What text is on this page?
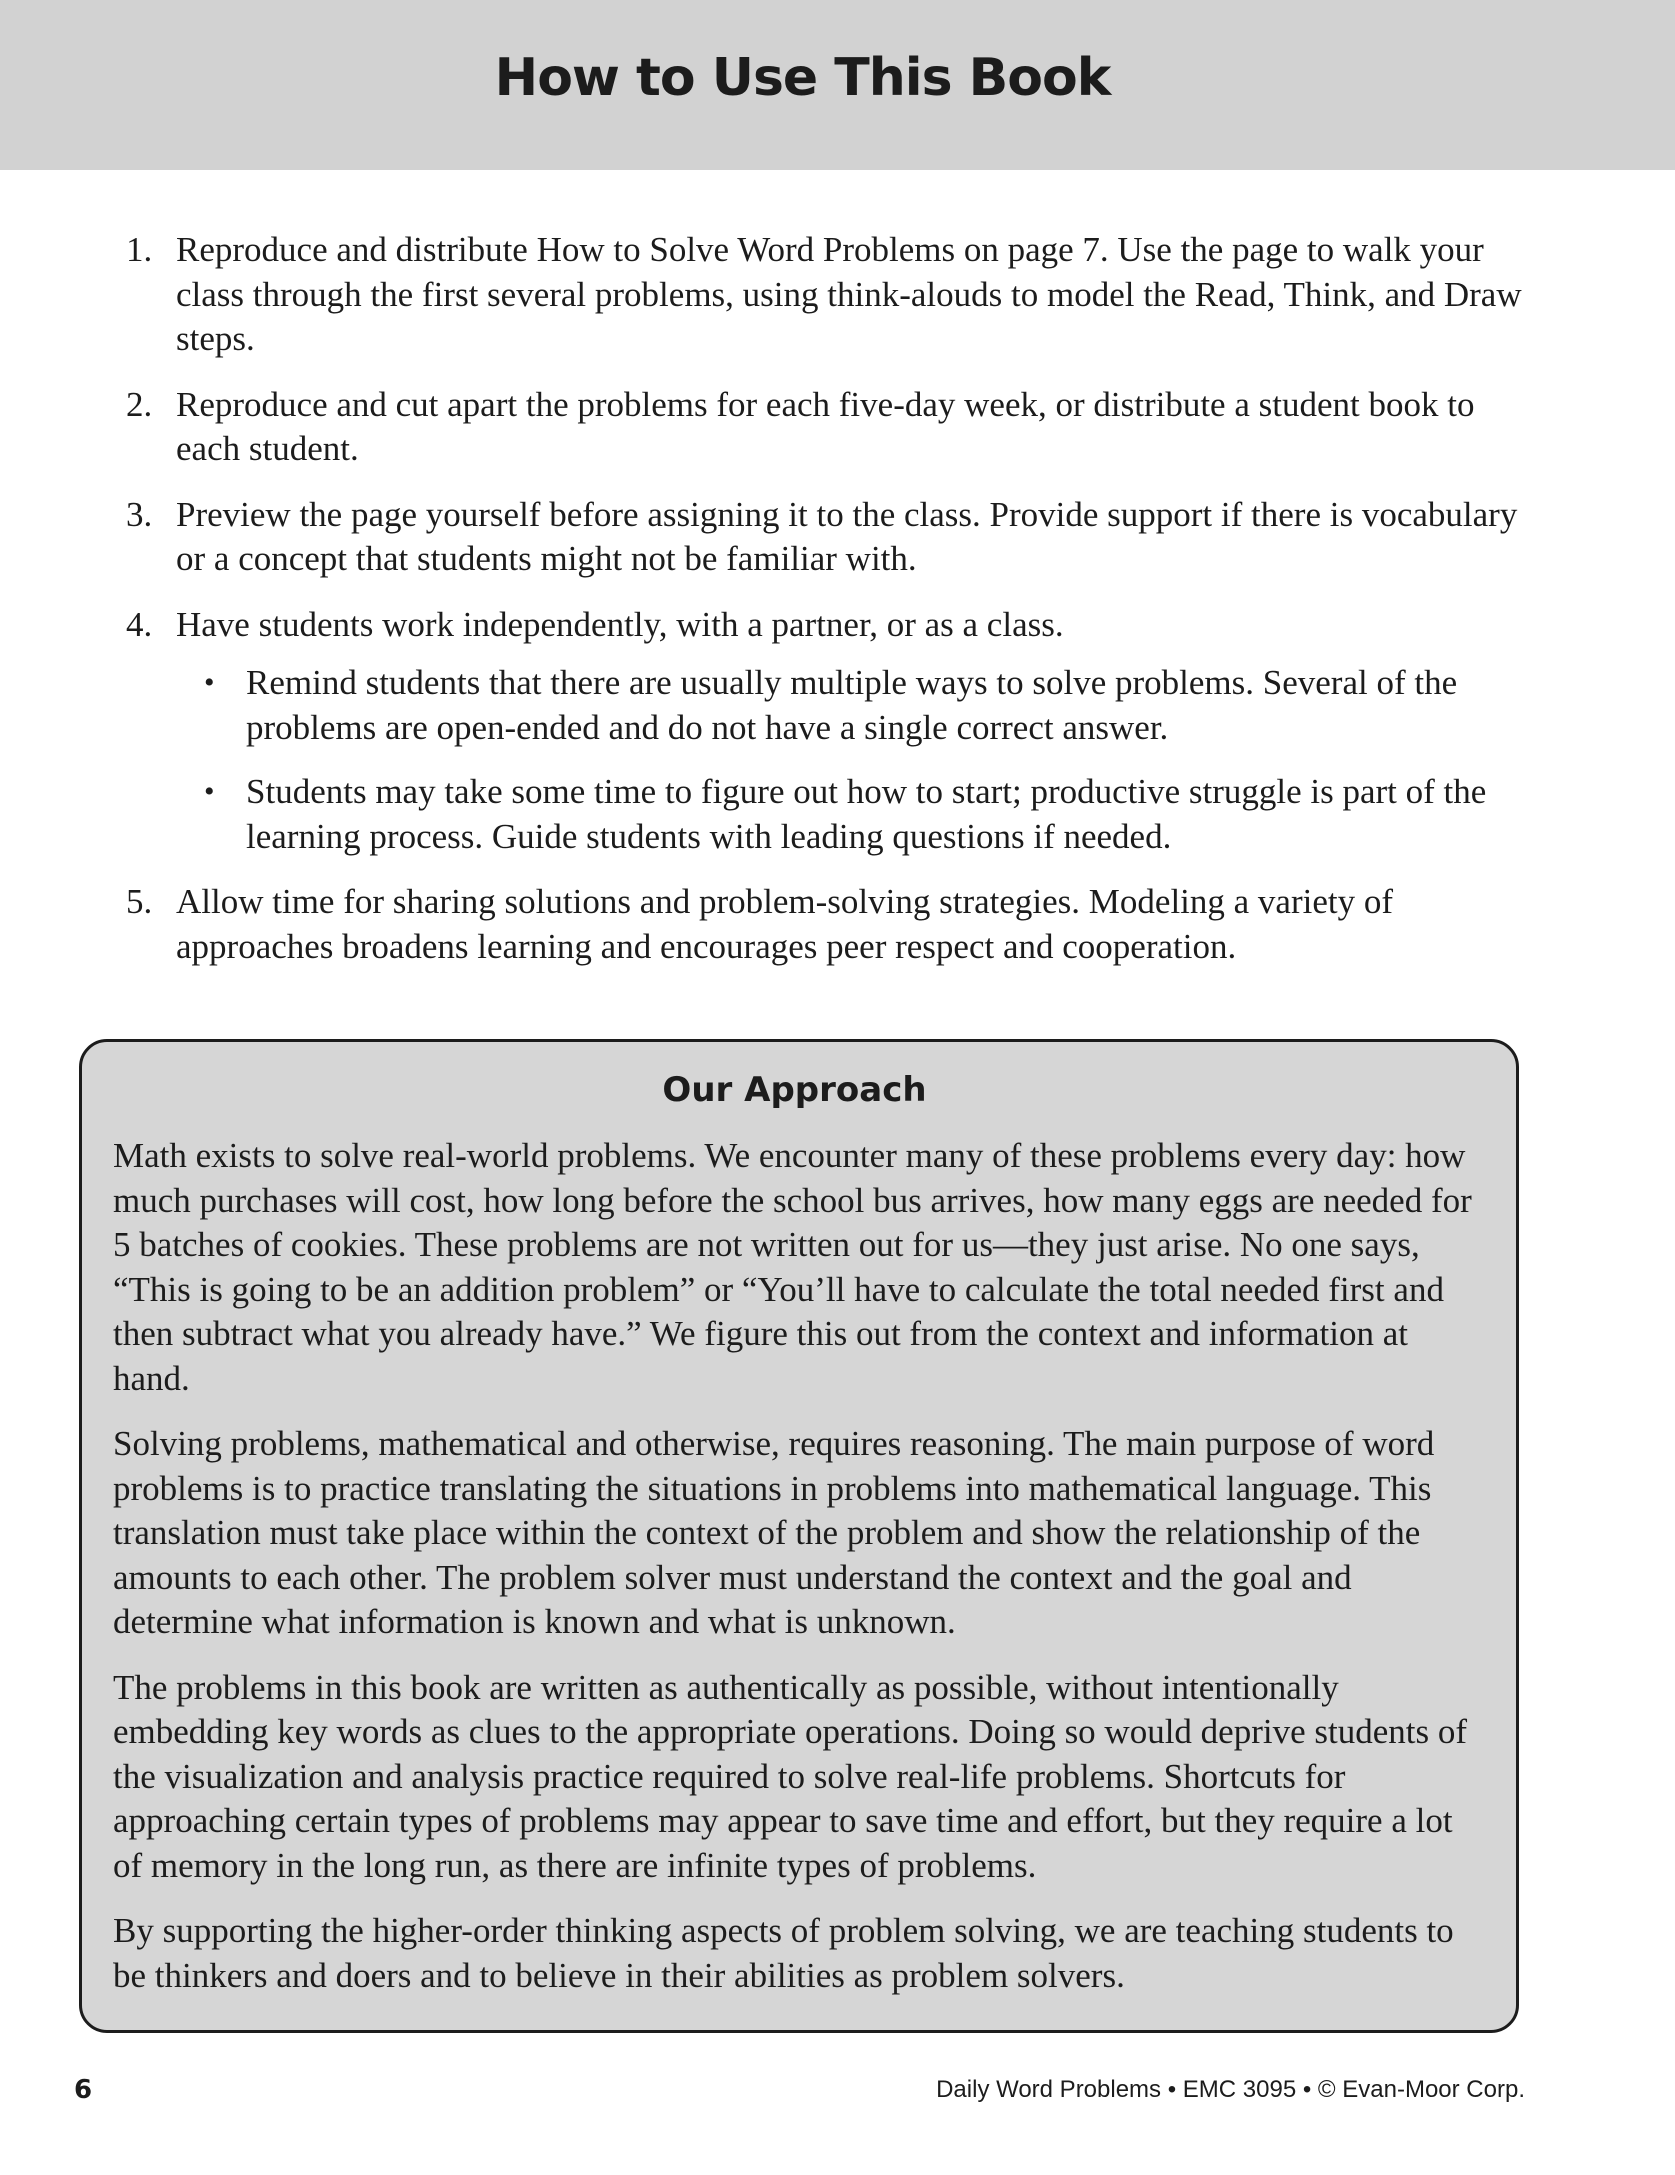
How to Use This Book
1. Reproduce and distribute How to Solve Word Problems on page 7. Use the page to walk your class through the first several problems, using think-alouds to model the Read, Think, and Draw steps.
2. Reproduce and cut apart the problems for each five-day week, or distribute a student book to each student.
3. Preview the page yourself before assigning it to the class. Provide support if there is vocabulary or a concept that students might not be familiar with.
4. Have students work independently, with a partner, or as a class.
• Remind students that there are usually multiple ways to solve problems. Several of the problems are open-ended and do not have a single correct answer.
• Students may take some time to figure out how to start; productive struggle is part of the learning process. Guide students with leading questions if needed.
5. Allow time for sharing solutions and problem-solving strategies. Modeling a variety of approaches broadens learning and encourages peer respect and cooperation.
Our Approach

Math exists to solve real-world problems. We encounter many of these problems every day: how much purchases will cost, how long before the school bus arrives, how many eggs are needed for 5 batches of cookies. These problems are not written out for us—they just arise. No one says, “This is going to be an addition problem” or “You’ll have to calculate the total needed first and then subtract what you already have.” We figure this out from the context and information at hand.

Solving problems, mathematical and otherwise, requires reasoning. The main purpose of word problems is to practice translating the situations in problems into mathematical language. This translation must take place within the context of the problem and show the relationship of the amounts to each other. The problem solver must understand the context and the goal and determine what information is known and what is unknown.

The problems in this book are written as authentically as possible, without intentionally embedding key words as clues to the appropriate operations. Doing so would deprive students of the visualization and analysis practice required to solve real-life problems. Shortcuts for approaching certain types of problems may appear to save time and effort, but they require a lot of memory in the long run, as there are infinite types of problems.

By supporting the higher-order thinking aspects of problem solving, we are teaching students to be thinkers and doers and to believe in their abilities as problem solvers.

6	Daily Word Problems • EMC 3095 • © Evan-Moor Corp.
